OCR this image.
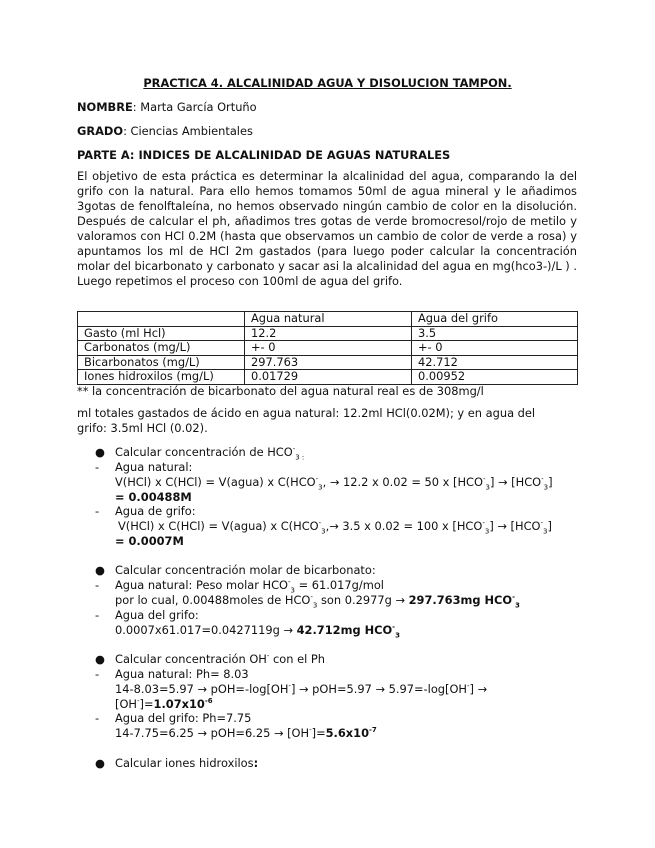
PRACTICA 4. ALCALINIDAD AGUA Y DISOLUCION TAMPON.
NOMBRE: Marta García Ortuño
GRADO: Ciencias Ambientales
PARTE A: INDICES DE ALCALINIDAD DE AGUAS NATURALES
El objetivo de esta práctica es determinar la alcalinidad del agua, comparando la del grifo con la natural. Para ello hemos tomamos 50ml de agua mineral y le añadimos 3gotas de fenolftaleína, no hemos observado ningún cambio de color en la disolución. Después de calcular el ph, añadimos tres gotas de verde bromocresol/rojo de metilo y valoramos con HCl 0.2M (hasta que observamos un cambio de color de verde a rosa) y apuntamos los ml de HCl 2m gastados (para luego poder calcular la concentración molar del bicarbonato y carbonato y sacar asi la alcalinidad del agua en mg(hco3-)/L ) . Luego repetimos el proceso con 100ml de agua del grifo.
	Agua natural	Agua del grifo
Gasto (ml Hcl)	12.2	3.5
Carbonatos (mg/L)	+- 0	+- 0
Bicarbonatos (mg/L)	297.763	42.712
Iones hidroxilos (mg/L)	0.01729	0.00952
** la concentración de bicarbonato del agua natural real es de 308mg/l
ml totales gastados de ácido en agua natural: 12.2ml HCl(0.02M); y en agua del
grifo: 3.5ml HCl (0.02).
● Calcular concentración de $HCO^-_{3 :}$
- Agua natural:
V(HCl) x C(HCl) = V(agua) x $C(HCO^-_3$, → 12.2 x 0.02 = 50 x $[HCO^-_3] \to [HCO^-_3]$
= 0.00488M
- Agua de grifo:
V(HCl) x C(HCl) = V(agua) x $C(HCO^-_3,\to 3.5$ x 0.02 = 100 x $[HCO^-_3] \to [HCO^-_3]$
= 0.0007M
● Calcular concentración molar de bicarbonato:
- Agua natural: Peso molar $HCO^-_3 = 61.017g/mol$
por lo cual, 0.00488moles de $HCO^-_3$ son 0.2977g → 297.763mg $HCO^-_3$
- Agua del grifo:
0.0007x61.017=0.0427119g → 42.712mg $HCO^-_3$
● Calcular concentración OH- con el Ph
- Agua natural: Ph= 8.03
14-8.03=5.97 → pOH=-log[OH-] → pOH=5.97 → 5.97=-log[OH-] →
$[OH^-]=1.07x10^{-6}$
- Agua del grifo: Ph=7.75
$14-7.75=6.25 \to pOH=6.25 \to [OH^-]=5.6x10^{-7}$
● Calcular iones hidroxilos:
